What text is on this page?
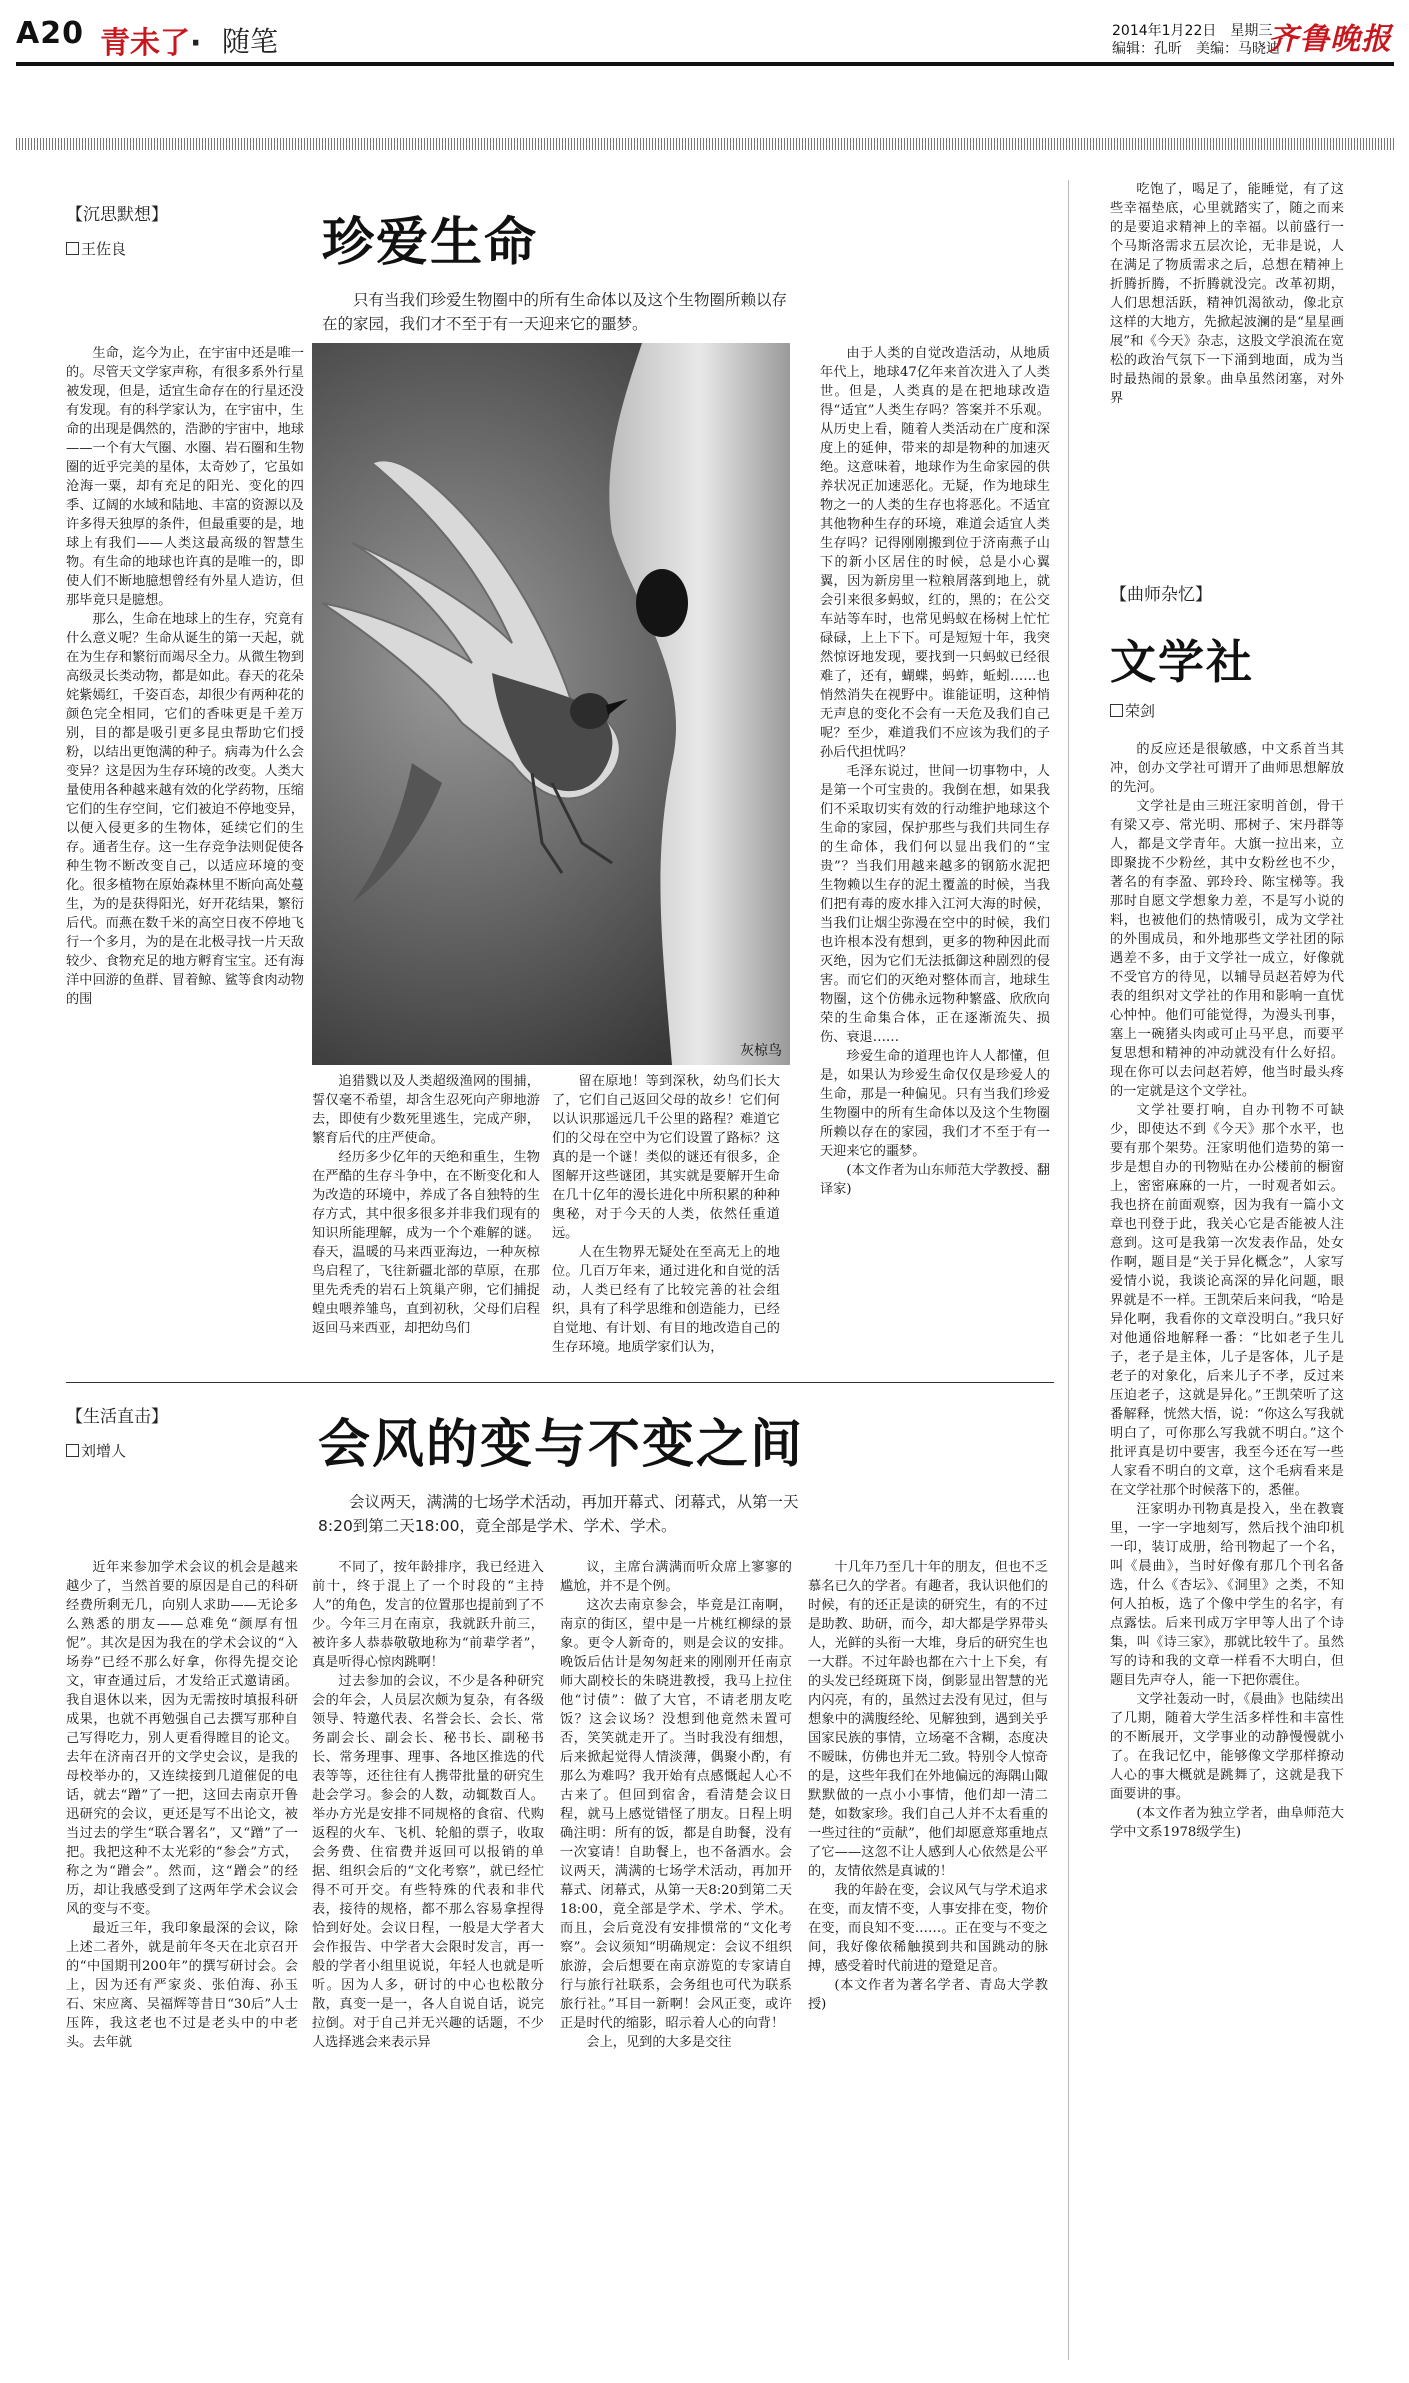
A20 青未了· 随笔	2014年1月22日 星期三
编辑：孔昕 美编：马晓迪
齐鲁晚报
【沉思默想】
王佐良	珍爱生命

只有当我们珍爱生物圈中的所有生命体以及这个生物圈所赖以存在的家园，我们才不至于有一天迎来它的噩梦。

灰椋鸟

生命，迄今为止，在宇宙中还是唯一的。尽管天文学家声称，有很多系外行星被发现，但是，适宜生命存在的行星还没有发现。有的科学家认为，在宇宙中，生命的出现是偶然的，浩渺的宇宙中，地球——一个有大气圈、水圈、岩石圈和生物圈的近乎完美的星体，太奇妙了，它虽如沧海一粟，却有充足的阳光、变化的四季、辽阔的水域和陆地、丰富的资源以及许多得天独厚的条件，但最重要的是，地球上有我们——人类这最高级的智慧生物。有生命的地球也许真的是唯一的，即使人们不断地臆想曾经有外星人造访，但那毕竟只是臆想。

那么，生命在地球上的生存，究竟有什么意义呢？生命从诞生的第一天起，就在为生存和繁衍而竭尽全力。从微生物到高级灵长类动物，都是如此。春天的花朵姹紫嫣红，千姿百态，却很少有两种花的颜色完全相同，它们的香味更是千差万别，目的都是吸引更多昆虫帮助它们授粉，以结出更饱满的种子。病毒为什么会变异？这是因为生存环境的改变。人类大量使用各种越来越有效的化学药物，压缩它们的生存空间，它们被迫不停地变异，以便入侵更多的生物体，延续它们的生存。通者生存。这一生存竞争法则促使各种生物不断改变自己，以适应环境的变化。很多植物在原始森林里不断向高处蔓生，为的是获得阳光，好开花结果，繁衍后代。而燕在数千米的高空日夜不停地飞行一个多月，为的是在北极寻找一片天敌较少、食物充足的地方孵育宝宝。还有海洋中回游的鱼群、冒着鲸、鲨等食肉动物的围

追猎戮以及人类超级渔网的围捕，誓仅毫不希望，却含生忍死向产卵地游去，即使有少数死里逃生，完成产卵，繁育后代的庄严使命。

经历多少亿年的天绝和重生，生物在严酷的生存斗争中，在不断变化和人为改造的环境中，养成了各自独特的生存方式，其中很多很多并非我们现有的知识所能理解，成为一个个难解的谜。春天，温暖的马来西亚海边，一种灰椋鸟启程了，飞往新疆北部的草原，在那里先秃秃的岩石上筑巢产卵，它们捕捉蝗虫喂养雏鸟，直到初秋，父母们启程返回马来西亚，却把幼鸟们

留在原地！等到深秋，幼鸟们长大了，它们自己返回父母的故乡！它们何以认识那遥远几千公里的路程？难道它们的父母在空中为它们设置了路标？这真的是一个谜！类似的谜还有很多，企图解开这些谜团，其实就是要解开生命在几十亿年的漫长进化中所积累的种种奥秘，对于今天的人类，依然任重道远。

人在生物界无疑处在至高无上的地位。几百万年来，通过进化和自觉的活动，人类已经有了比较完善的社会组织，具有了科学思维和创造能力，已经自觉地、有计划、有目的地改造自己的生存环境。地质学家们认为，

由于人类的自觉改造活动，从地质年代上，地球47亿年来首次进入了人类世。但是，人类真的是在把地球改造得“适宜”人类生存吗？答案并不乐观。从历史上看，随着人类活动在广度和深度上的延伸，带来的却是物种的加速灭绝。这意味着，地球作为生命家园的供养状况正加速恶化。无疑，作为地球生物之一的人类的生存也将恶化。不适宜其他物种生存的环境，难道会适宜人类生存吗？记得刚刚搬到位于济南燕子山下的新小区居住的时候，总是小心翼翼，因为新房里一粒粮屑落到地上，就会引来很多蚂蚁，红的，黑的；在公交车站等车时，也常见蚂蚁在杨树上忙忙碌碌，上上下下。可是短短十年，我突然惊讶地发现，要找到一只蚂蚁已经很难了，还有，蝴蝶，蚂蚱，蚯蚓……也悄然消失在视野中。谁能证明，这种悄无声息的变化不会有一天危及我们自己呢？至少，难道我们不应该为我们的子孙后代担忧吗？

毛泽东说过，世间一切事物中，人是第一个可宝贵的。我倒在想，如果我们不采取切实有效的行动维护地球这个生命的家园，保护那些与我们共同生存的生命体，我们何以显出我们的“宝贵”？当我们用越来越多的钢筋水泥把生物赖以生存的泥土覆盖的时候，当我们把有毒的废水排入江河大海的时候，当我们让烟尘弥漫在空中的时候，我们也许根本没有想到，更多的物种因此而灭绝，因为它们无法抵御这种剧烈的侵害。而它们的灭绝对整体而言，地球生物圈，这个仿佛永远物种繁盛、欣欣向荣的生命集合体，正在逐渐流失、损伤、衰退……

珍爱生命的道理也许人人都懂，但是，如果认为珍爱生命仅仅是珍爱人的生命，那是一种偏见。只有当我们珍爱生物圈中的所有生命体以及这个生物圈所赖以存在的家园，我们才不至于有一天迎来它的噩梦。

(本文作者为山东师范大学教授、翻译家)

【生活直击】
刘增人	会风的变与不变之间

会议两天，满满的七场学术活动，再加开幕式、闭幕式，从第一天8:20到第二天18:00，竟全部是学术、学术、学术。

近年来参加学术会议的机会是越来越少了，当然首要的原因是自己的科研经费所剩无几，向别人求助——无论多么熟悉的朋友——总难免“颜厚有忸怩”。其次是因为我在的学术会议的“入场券”已经不那么好拿，你得先提交论文，审查通过后，才发给正式邀请函。我自退休以来，因为无需按时填报科研成果，也就不再勉强自己去撰写那种自己写得吃力，别人更看得瞠目的论文。去年在济南召开的文学史会议，是我的母校举办的，又连续接到几道催促的电话，就去“蹭”了一把，这回去南京开鲁迅研究的会议，更还是写不出论文，被当过去的学生“联合署名”，又“蹭”了一把。我把这种不太光彩的“参会”方式，称之为“蹭会”。然而，这“蹭会”的经历，却让我感受到了这两年学术会议会风的变与不变。

最近三年，我印象最深的会议，除上述二者外，就是前年冬天在北京召开的“中国期刊200年”的撰写研讨会。会上，因为还有严家炎、张伯海、孙玉石、宋应离、吴福辉等昔日“30后”人士压阵，我这老也不过是老头中的中老头。去年就

不同了，按年龄排序，我已经进入前十，终于混上了一个时段的“主持人”的角色，发言的位置那也提前到了不少。今年三月在南京，我就跃升前三，被许多人恭恭敬敬地称为“前辈学者”，真是听得心惊肉跳啊！

过去参加的会议，不少是各种研究会的年会，人员层次颇为复杂，有各级领导、特邀代表、名誉会长、会长、常务副会长、副会长、秘书长、副秘书长、常务理事、理事、各地区推选的代表等等，还往往有人携带批量的研究生赴会学习。参会的人数，动辄数百人。举办方光是安排不同规格的食宿、代购返程的火车、飞机、轮船的票子，收取会务费、住宿费并返回可以报销的单据、组织会后的“文化考察”，就已经忙得不可开交。有些特殊的代表和非代表，接待的规格，都不那么容易拿捏得恰到好处。会议日程，一般是大学者大会作报告、中学者大会限时发言，再一般的学者小组里说说，年轻人也就是听听。因为人多，研讨的中心也松散分散，真变一是一，各人自说自话，说完拉倒。对于自己并无兴趣的话题，不少人选择逃会来表示异

议，主席台满满而听众席上寥寥的尴尬，并不是个例。

这次去南京参会，毕竟是江南啊，南京的街区，望中是一片桃红柳绿的景象。更令人新奇的，则是会议的安排。晚饭后估计是匆匆赶来的刚刚开任南京师大副校长的朱晓进教授，我马上拉住他“讨债”：做了大官，不请老朋友吃饭？这会议场？没想到他竟然未置可否，笑笑就走开了。当时我没有细想，后来掀起觉得人情淡薄，偶聚小酌，有那么为难吗？我开始有点感慨起人心不古来了。但回到宿舍，看清楚会议日程，就马上感觉错怪了朋友。日程上明确注明：所有的饭，都是自助餐，没有一次宴请！自助餐上，也不备酒水。会议两天，满满的七场学术活动，再加开幕式、闭幕式，从第一天8:20到第二天18:00，竟全部是学术、学术、学术。而且，会后竟没有安排惯常的“文化考察”。会议须知“明确规定：会议不组织旅游，会后想要在南京游览的专家请自行与旅行社联系，会务组也可代为联系旅行社。”耳目一新啊！会风正变，或许正是时代的缩影，昭示着人心的向背！

会上，见到的大多是交往

十几年乃至几十年的朋友，但也不乏慕名已久的学者。有趣者，我认识他们的时候，有的还正是读的研究生，有的不过是助教、助研，而今，却大都是学界带头人，光鲜的头衔一大堆，身后的研究生也一大群。不过年龄也都在六十上下矣，有的头发已经斑斑下岗，倒影显出智慧的光内闪亮，有的，虽然过去没有见过，但与想象中的满腹经纶、见解独到，遇到关乎国家民族的事情，立场毫不含糊，态度决不暧昧，仿佛也并无二致。特别令人惊奇的是，这些年我们在外地偏远的海隅山陬默默做的一点小小事情，他们却一清二楚，如数家珍。我们自己人并不太看重的一些过往的“贡献”，他们却愿意郑重地点了它——这忽不让人感到人心依然是公平的，友情依然是真诚的！

我的年龄在变，会议风气与学术追求在变，而友情不变，人事安排在变，物价在变，而良知不变……。正在变与不变之间，我好像依稀触摸到共和国跳动的脉搏，感受着时代前进的跫跫足音。

(本文作者为著名学者、青岛大学教授)

吃饱了，喝足了，能睡觉，有了这些幸福垫底，心里就踏实了，随之而来的是要追求精神上的幸福。以前盛行一个马斯洛需求五层次论，无非是说，人在满足了物质需求之后，总想在精神上折腾折腾，不折腾就没完。改革初期，人们思想活跃，精神饥渴欲动，像北京这样的大地方，先掀起波澜的是“星星画展”和《今天》杂志，这股文学浪流在宽松的政治气氛下一下涌到地面，成为当时最热闹的景象。曲阜虽然闭塞，对外界

【曲师杂忆】
文学社
荣剑

的反应还是很敏感，中文系首当其冲，创办文学社可谓开了曲师思想解放的先河。

文学社是由三班汪家明首创，骨干有梁又亭、常光明、邢树子、宋丹群等人，都是文学青年。大旗一拉出来，立即聚拢不少粉丝，其中女粉丝也不少，著名的有李盈、郭玲玲、陈宝梯等。我那时自愿文学想象力差，不是写小说的料，也被他们的热情吸引，成为文学社的外围成员，和外地那些文学社团的际遇差不多，由于文学社一成立，好像就不受官方的待见，以辅导员赵若婷为代表的组织对文学社的作用和影响一直忧心忡忡。他们可能觉得，为漫头刊事，塞上一碗猪头肉或可止马平息，而要平复思想和精神的冲动就没有什么好招。现在你可以去问赵若婷，他当时最头疼的一定就是这个文学社。

文学社要打响，自办刊物不可缺少，即使达不到《今天》那个水平，也要有那个架势。汪家明他们造势的第一步是想自办的刊物贴在办公楼前的橱窗上，密密麻麻的一片，一时观者如云。我也挤在前面观察，因为我有一篇小文章也刊登于此，我关心它是否能被人注意到。这可是我第一次发表作品，处女作啊，题目是“关于异化概念”，人家写爱情小说，我谈论高深的异化问题，眼界就是不一样。王凯荣后来问我，“哈是异化啊，我看你的文章没明白。”我只好对他通俗地解释一番：“比如老子生儿子，老子是主体，儿子是客体，儿子是老子的对象化，后来儿子不孝，反过来压迫老子，这就是异化。”王凯荣听了这番解释，恍然大悟，说：“你这么写我就明白了，可你那么写我就不明白。”这个批评真是切中要害，我至今还在写一些人家看不明白的文章，这个毛病看来是在文学社那个时候落下的，悉催。

汪家明办刊物真是投入，坐在教寰里，一字一字地刻写，然后找个油印机一印，装订成册，给刊物起了一个名，叫《晨曲》，当时好像有那几个刊名备选，什么《杏坛》、《洞里》之类，不知何人拍板，选了个像中学生的名字，有点露怯。后来刊成万字甲等人出了个诗集，叫《诗三家》，那就比较牛了。虽然写的诗和我的文章一样看不大明白，但题目先声夺人，能一下把你震住。

文学社轰动一时，《晨曲》也陆续出了几期，随着大学生活多样性和丰富性的不断展开，文学事业的动静慢慢就小了。在我记忆中，能够像文学那样撩动人心的事大概就是跳舞了，这就是我下面要讲的事。

(本文作者为独立学者，曲阜师范大学中文系1978级学生)
